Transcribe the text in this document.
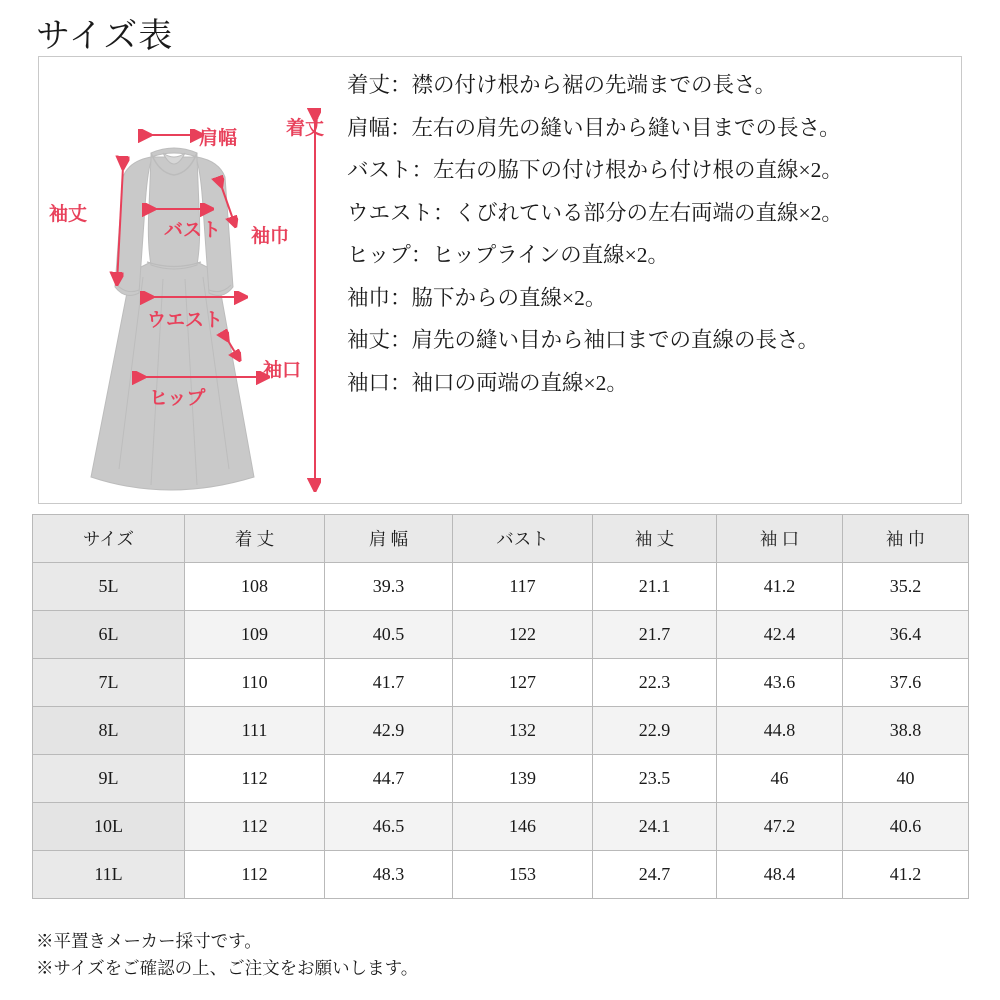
サイズ表
肩幅	着丈
袖丈
バスト 袖巾
ウエスト
袖口
ヒップ
着丈：襟の付け根から裾の先端までの長さ。
肩幅：左右の肩先の縫い目から縫い目までの長さ。
バスト：左右の脇下の付け根から付け根の直線×2。
ウエスト：くびれている部分の左右両端の直線×2。
ヒップ：ヒップラインの直線×2。
袖巾：脇下からの直線×2。
袖丈：肩先の縫い目から袖口までの直線の長さ。
袖口：袖口の両端の直線×2。
サイズ	着 丈	肩 幅	バスト	袖 丈	袖 口	袖 巾
5L	108	39.3	117	21.1	41.2	35.2
6L	109	40.5	122	21.7	42.4	36.4
7L	110	41.7	127	22.3	43.6	37.6
8L	111	42.9	132	22.9	44.8	38.8
9L	112	44.7	139	23.5	46	40
10L	112	46.5	146	24.1	47.2	40.6
11L	112	48.3	153	24.7	48.4	41.2
※平置きメーカー採寸です。
※サイズをご確認の上、ご注文をお願いします。
